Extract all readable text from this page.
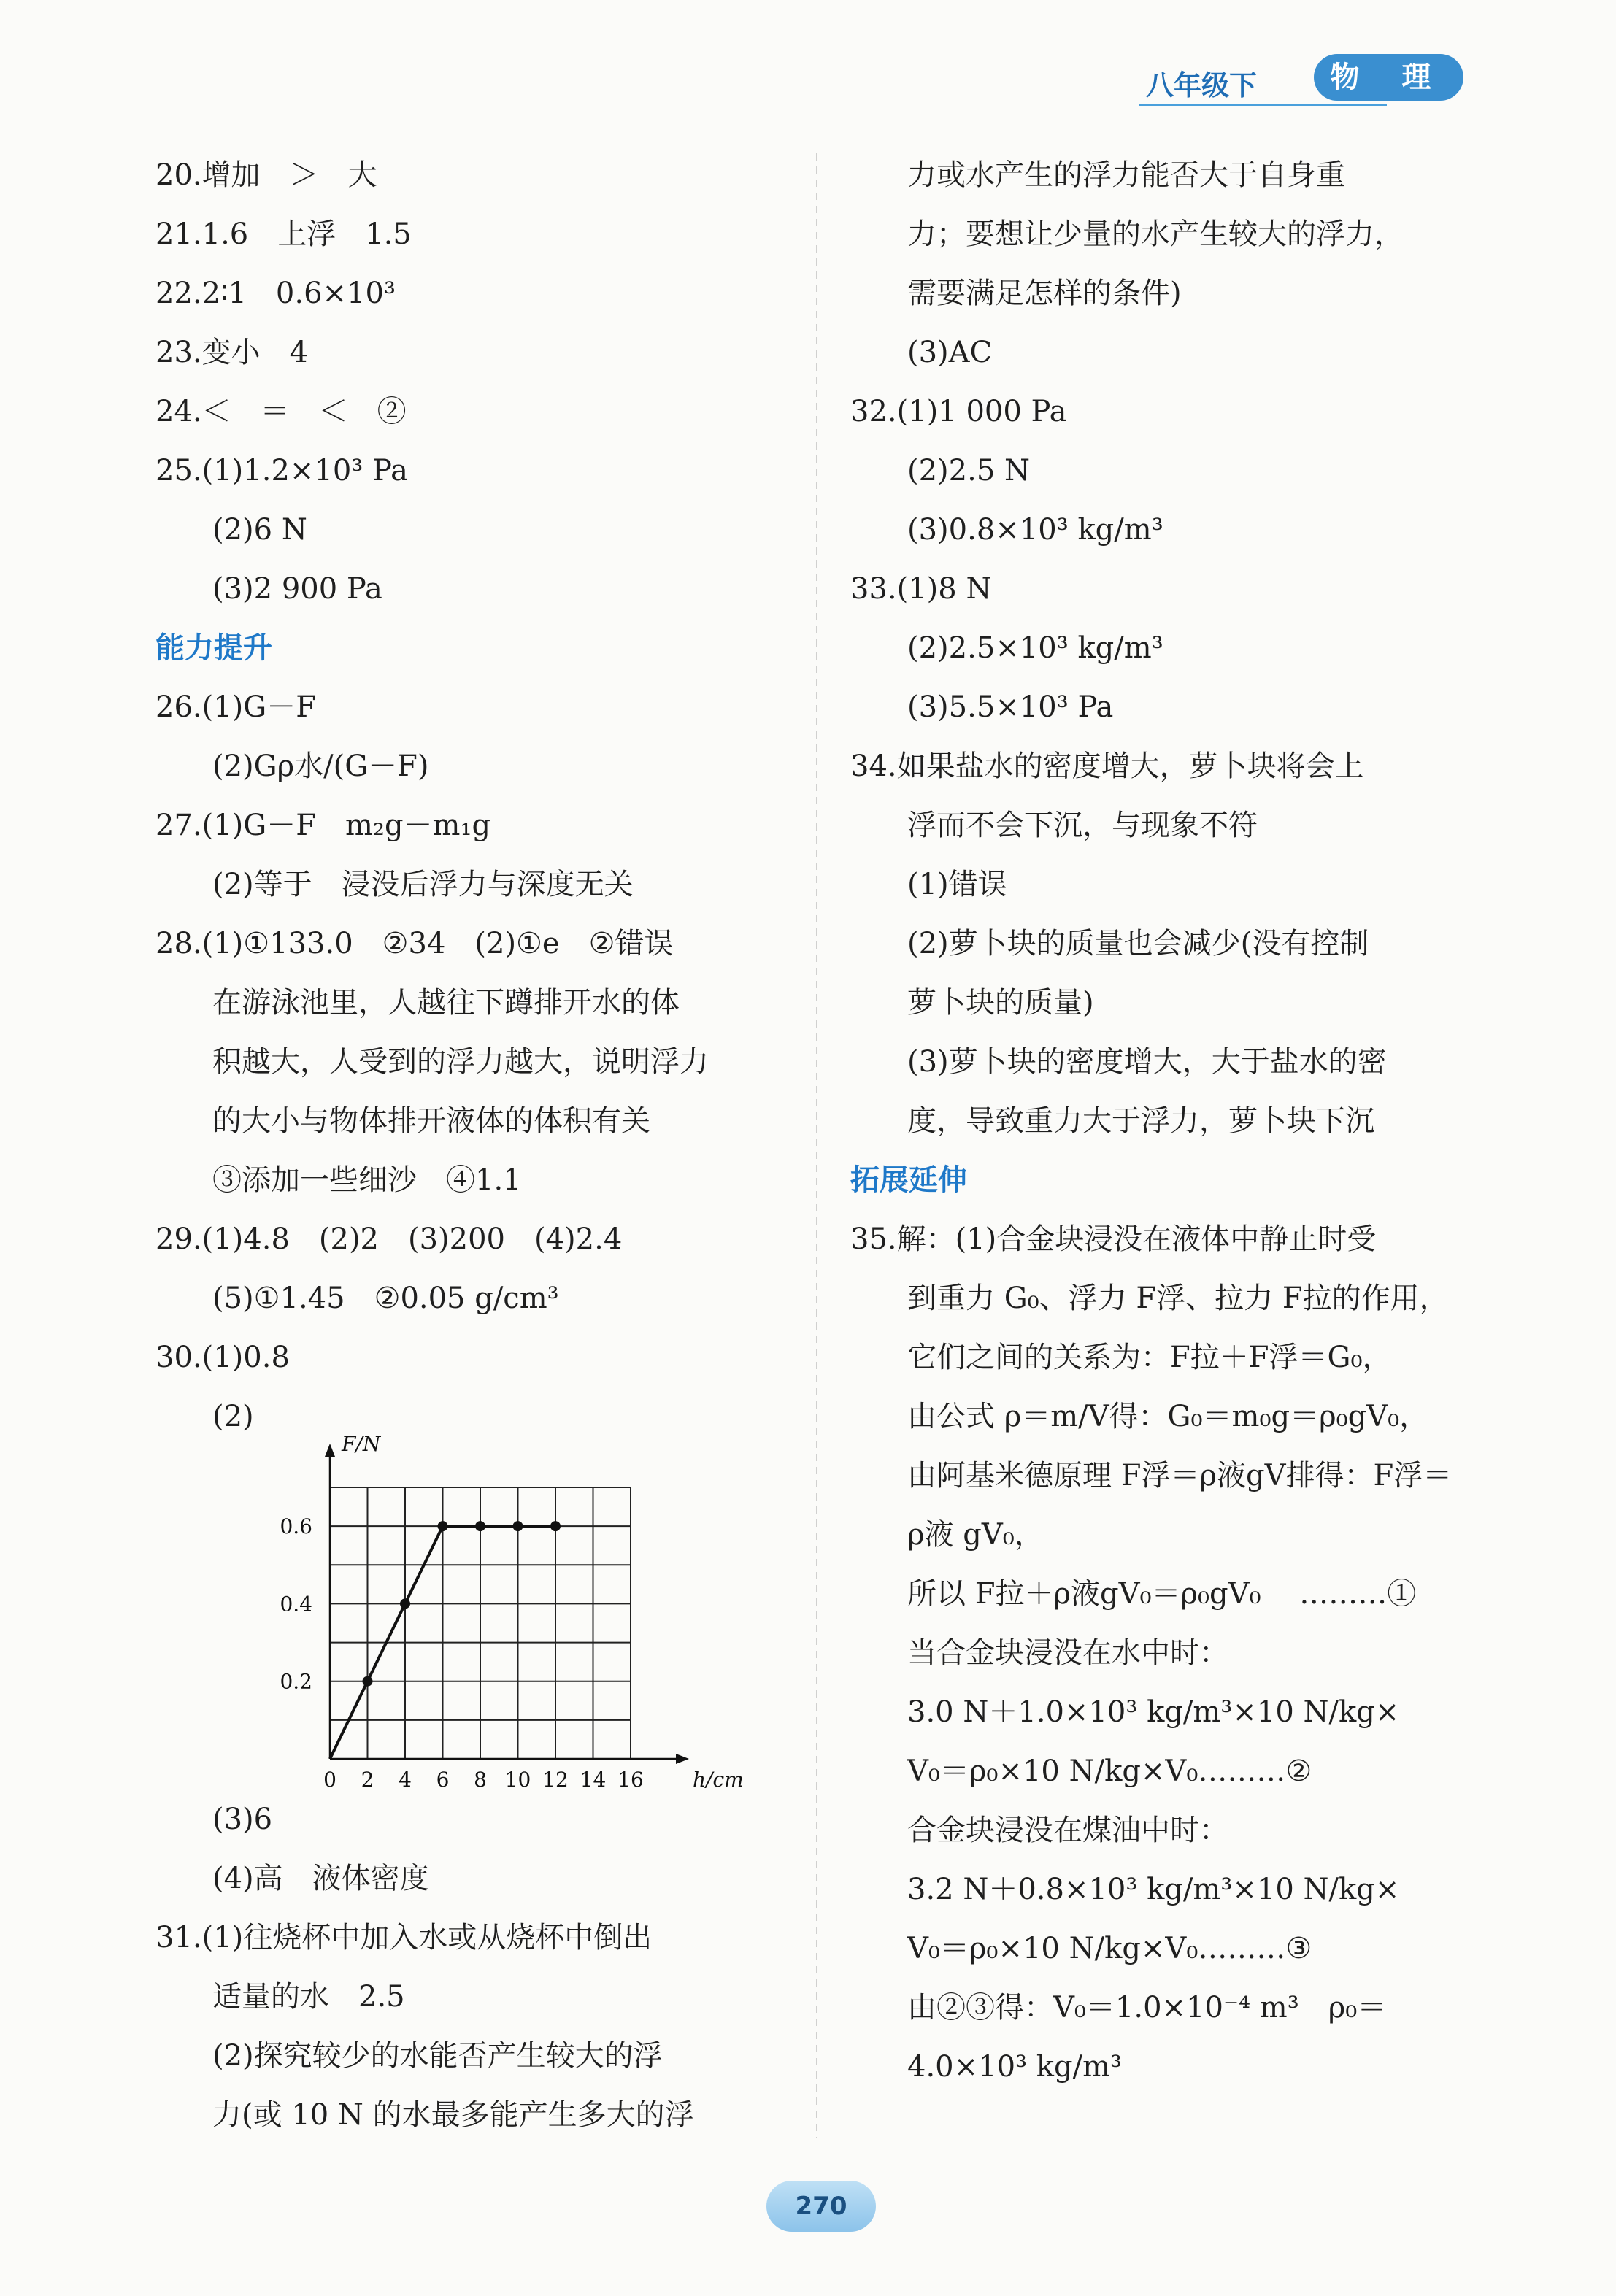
八年级下	物 理
20.增加　＞　大
21.1.6　上浮　1.5
22.2∶1　0.6×10³
23.变小　4
24.＜　＝　＜　②
25.(1)1.2×10³ Pa
(2)6 N
(3)2 900 Pa
能力提升
26.(1)G－F
(2)Gρ水/(G－F)
27.(1)G－F　m₂g－m₁g
(2)等于　浸没后浮力与深度无关
28.(1)①133.0　②34　(2)①e　②错误
在游泳池里，人越往下蹲排开水的体
积越大，人受到的浮力越大，说明浮力
的大小与物体排开液体的体积有关
③添加一些细沙　④1.1
29.(1)4.8　(2)2　(3)200　(4)2.4
(5)①1.45　②0.05 g/cm³
30.(1)0.8
(2)
0 2 4 6 8 10 12 14 16
0.2
0.4
0.6
h/cm
F/N
(3)6
(4)高　液体密度
31.(1)往烧杯中加入水或从烧杯中倒出
适量的水　2.5
(2)探究较少的水能否产生较大的浮
力(或 10 N 的水最多能产生多大的浮
力或水产生的浮力能否大于自身重
力；要想让少量的水产生较大的浮力，
需要满足怎样的条件)
(3)AC
32.(1)1 000 Pa
(2)2.5 N
(3)0.8×10³ kg/m³
33.(1)8 N
(2)2.5×10³ kg/m³
(3)5.5×10³ Pa
34.如果盐水的密度增大，萝卜块将会上
浮而不会下沉，与现象不符
(1)错误
(2)萝卜块的质量也会减少(没有控制
萝卜块的质量)
(3)萝卜块的密度增大，大于盐水的密
度，导致重力大于浮力，萝卜块下沉
拓展延伸
35.解：(1)合金块浸没在液体中静止时受
到重力 G₀、浮力 F浮、拉力 F拉的作用，
它们之间的关系为：F拉＋F浮＝G₀，
由公式 ρ＝m/V得：G₀＝m₀g＝ρ₀gV₀，
由阿基米德原理 F浮＝ρ液gV排得：F浮＝
ρ液 gV₀，
所以 F拉＋ρ液gV₀＝ρ₀gV₀　 ………①
当合金块浸没在水中时：
3.0 N＋1.0×10³ kg/m³×10 N/kg×
V₀＝ρ₀×10 N/kg×V₀………②
合金块浸没在煤油中时：
3.2 N＋0.8×10³ kg/m³×10 N/kg×
V₀＝ρ₀×10 N/kg×V₀………③
由②③得：V₀＝1.0×10⁻⁴ m³　ρ₀＝
4.0×10³ kg/m³
270
